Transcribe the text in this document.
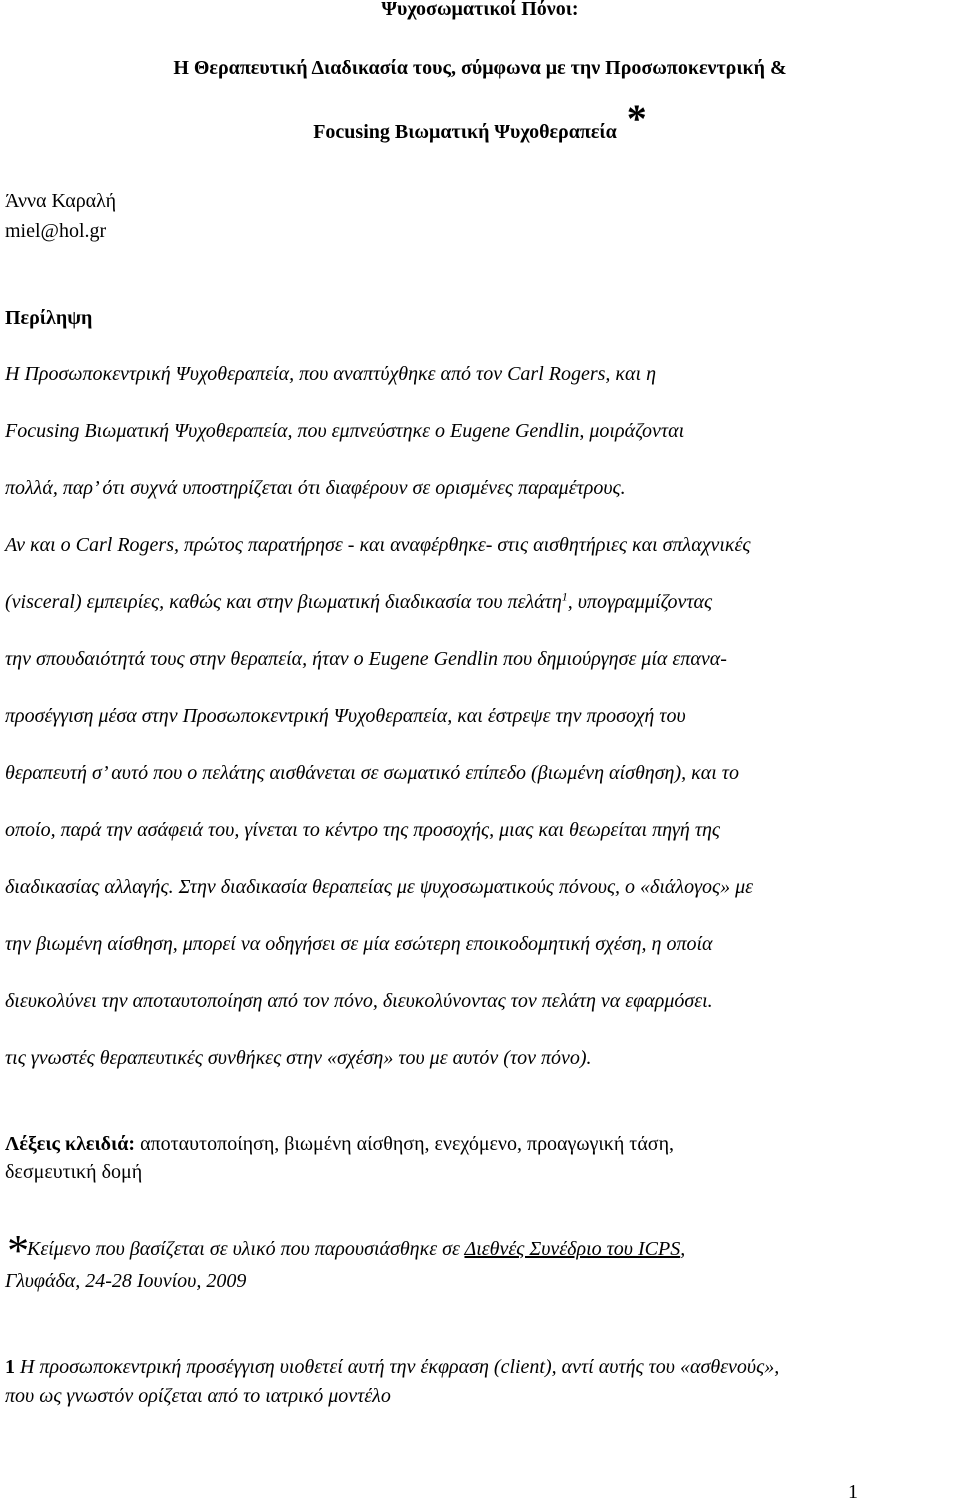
Ψυχοσωματικοί Πόνοι:
Η Θεραπευτική Διαδικασία τους, σύμφωνα με την Προσωποκεντρική &
Focusing Βιωματική Ψυχοθεραπεία *
Άννα Καραλή
miel@hol.gr
Περίληψη
Η Προσωποκεντρική Ψυχοθεραπεία, που αναπτύχθηκε από τον Carl Rogers, και η
Focusing Βιωματική Ψυχοθεραπεία, που εμπνεύστηκε ο Eugene Gendlin, μοιράζονται
πολλά, παρ’ ότι συχνά υποστηρίζεται ότι διαφέρουν σε ορισμένες παραμέτρους.
Αν και ο Carl Rogers, πρώτος παρατήρησε - και αναφέρθηκε- στις αισθητήριες και σπλαχνικές
(visceral) εμπειρίες, καθώς και στην βιωματική διαδικασία του πελάτη$^1$, υπογραμμίζοντας
την σπουδαιότητά τους στην θεραπεία, ήταν ο Eugene Gendlin που δημιούργησε μία επανα-
προσέγγιση μέσα στην Προσωποκεντρική Ψυχοθεραπεία, και έστρεψε την προσοχή του
θεραπευτή σ’ αυτό που ο πελάτης αισθάνεται σε σωματικό επίπεδο (βιωμένη αίσθηση), και το
οποίο, παρά την ασάφειά του, γίνεται το κέντρο της προσοχής, μιας και θεωρείται πηγή της
διαδικασίας αλλαγής. Στην διαδικασία θεραπείας με ψυχοσωματικούς πόνους, ο «διάλογος» με
την βιωμένη αίσθηση, μπορεί να οδηγήσει σε μία εσώτερη εποικοδομητική σχέση, η οποία
διευκολύνει την αποταυτοποίηση από τον πόνο, διευκολύνοντας τον πελάτη να εφαρμόσει.
τις γνωστές θεραπευτικές συνθήκες στην «σχέση» του με αυτόν (τον πόνο).
Λέξεις κλειδιά: αποταυτοποίηση, βιωμένη αίσθηση, ενεχόμενο, προαγωγική τάση,
δεσμευτική δομή
*Κείμενο που βασίζεται σε υλικό που παρουσιάσθηκε σε Διεθνές Συνέδριο του ICPS,
Γλυφάδα, 24-28 Ιουνίου, 2009
1 Η προσωποκεντρική προσέγγιση υιοθετεί αυτή την έκφραση (client), αντί αυτής του «ασθενούς»,
που ως γνωστόν ορίζεται από το ιατρικό μοντέλο
1
